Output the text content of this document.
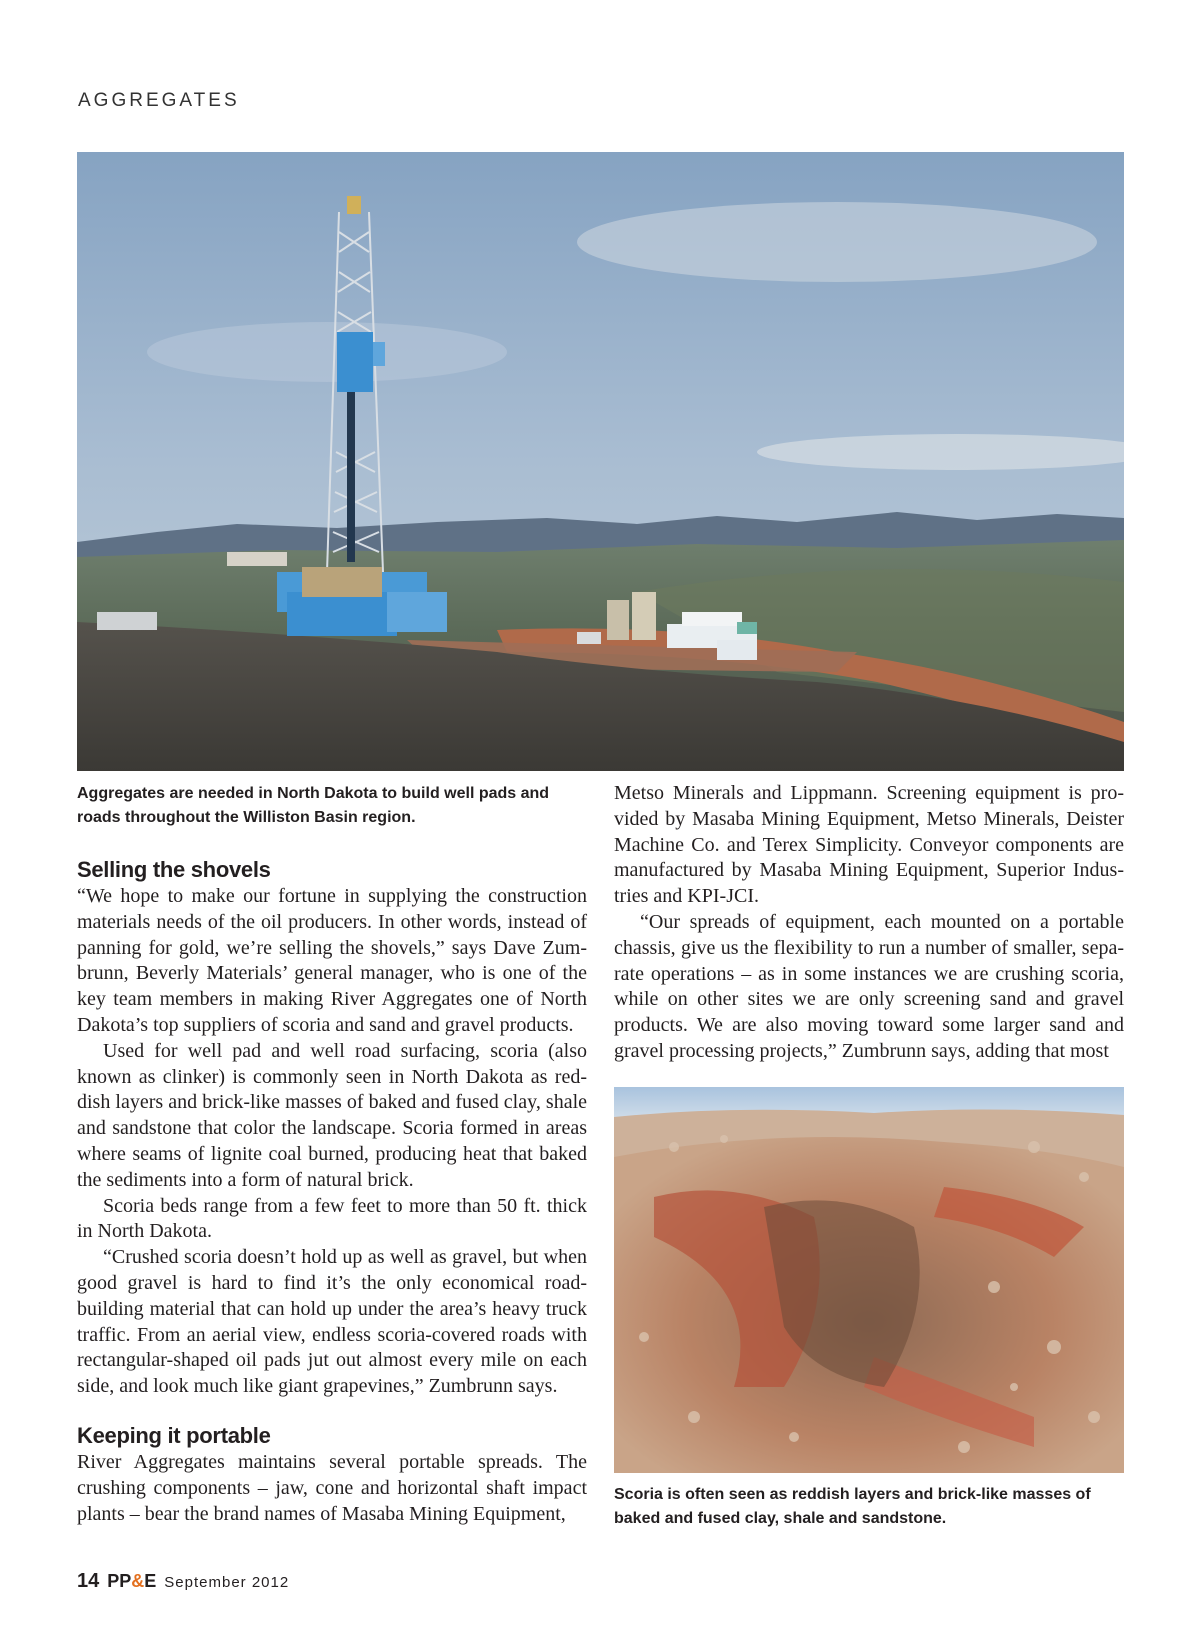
AGGREGATES
Aggregates are needed in North Dakota to build well pads and roads throughout the Williston Basin region.
Selling the shovels

“We hope to make our fortune in supplying the construction materials needs of the oil producers. In other words, instead of panning for gold, we’re selling the shovels,” says Dave Zumbrunn, Beverly Materials’ general manager, who is one of the key team members in making River Aggregates one of North Dakota’s top suppliers of scoria and sand and gravel products.

Used for well pad and well road surfacing, scoria (also known as clinker) is commonly seen in North Dakota as reddish layers and brick-like masses of baked and fused clay, shale and sandstone that color the landscape. Scoria formed in areas where seams of lignite coal burned, producing heat that baked the sediments into a form of natural brick.

Scoria beds range from a few feet to more than 50 ft. thick in North Dakota.

“Crushed scoria doesn’t hold up as well as gravel, but when good gravel is hard to find it’s the only economical road-building material that can hold up under the area’s heavy truck traffic. From an aerial view, endless scoria-covered roads with rectangular-shaped oil pads jut out almost every mile on each side, and look much like giant grapevines,” Zumbrunn says.

Keeping it portable

River Aggregates maintains several portable spreads. The crushing components – jaw, cone and horizontal shaft impact plants – bear the brand names of Masaba Mining Equipment,

Metso Minerals and Lippmann. Screening equipment is provided by Masaba Mining Equipment, Metso Minerals, Deister Machine Co. and Terex Simplicity. Conveyor components are manufactured by Masaba Mining Equipment, Superior Industries and KPI-JCI.

“Our spreads of equipment, each mounted on a portable chassis, give us the flexibility to run a number of smaller, separate operations – as in some instances we are crushing scoria, while on other sites we are only screening sand and gravel products. We are also moving toward some larger sand and gravel processing projects,” Zumbrunn says, adding that most

Scoria is often seen as reddish layers and brick-like masses of baked and fused clay, shale and sandstone.
14 PP&E September 2012
